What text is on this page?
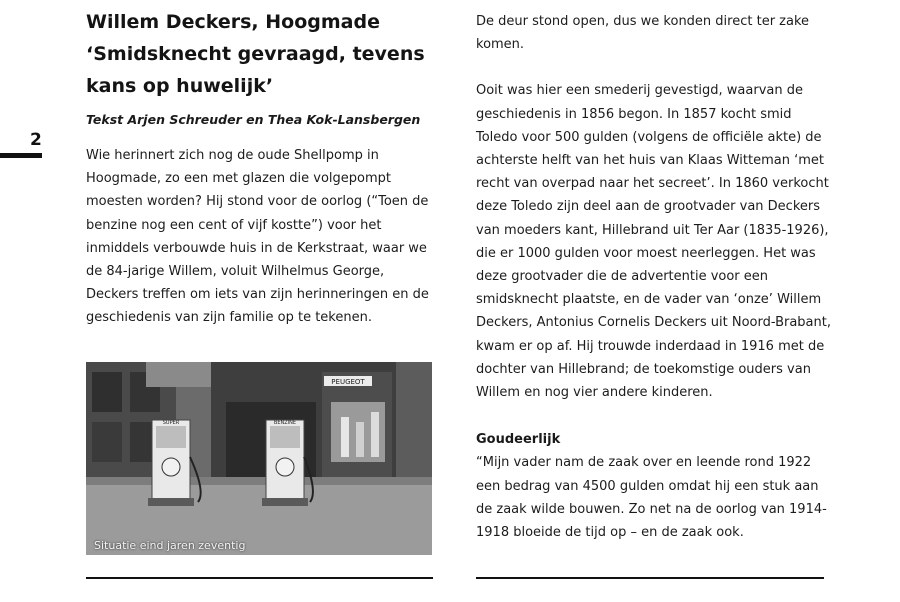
2
Willem Deckers, Hoogmade
‘Smidsknecht gevraagd, tevens
kans op huwelijk’

Tekst Arjen Schreuder en Thea Kok-Lansbergen

Wie herinnert zich nog de oude Shellpomp in Hoogmade, zo een met glazen die volgepompt moesten worden? Hij stond voor de oorlog (“Toen de benzine nog een cent of vijf kostte”) voor het inmiddels verbouwde huis in de Kerkstraat, waar we de 84-jarige Willem, voluit Wilhelmus George, Deckers treffen om iets van zijn herinneringen en de geschiedenis van zijn familie op te tekenen.

PEUGEOT
SUPER	BENZINE
Situatie eind jaren zeventig

De deur stond open, dus we konden direct ter zake komen.

Ooit was hier een smederij gevestigd, waarvan de geschiedenis in 1856 begon. In 1857 kocht smid Toledo voor 500 gulden (volgens de officiële akte) de achterste helft van het huis van Klaas Witteman ‘met recht van overpad naar het secreet’. In 1860 verkocht deze Toledo zijn deel aan de grootvader van Deckers van moeders kant, Hillebrand uit Ter Aar (1835-1926), die er 1000 gulden voor moest neerleggen. Het was deze grootvader die de advertentie voor een smidsknecht plaatste, en de vader van ‘onze’ Willem Deckers, Antonius Cornelis Deckers uit Noord-Brabant, kwam er op af. Hij trouwde inderdaad in 1916 met de dochter van Hillebrand; de toekomstige ouders van Willem en nog vier andere kinderen.

Goudeerlijk

“Mijn vader nam de zaak over en leende rond 1922 een bedrag van 4500 gulden omdat hij een stuk aan de zaak wilde bouwen. Zo net na de oorlog van 1914-1918 bloeide de tijd op – en de zaak ook.
